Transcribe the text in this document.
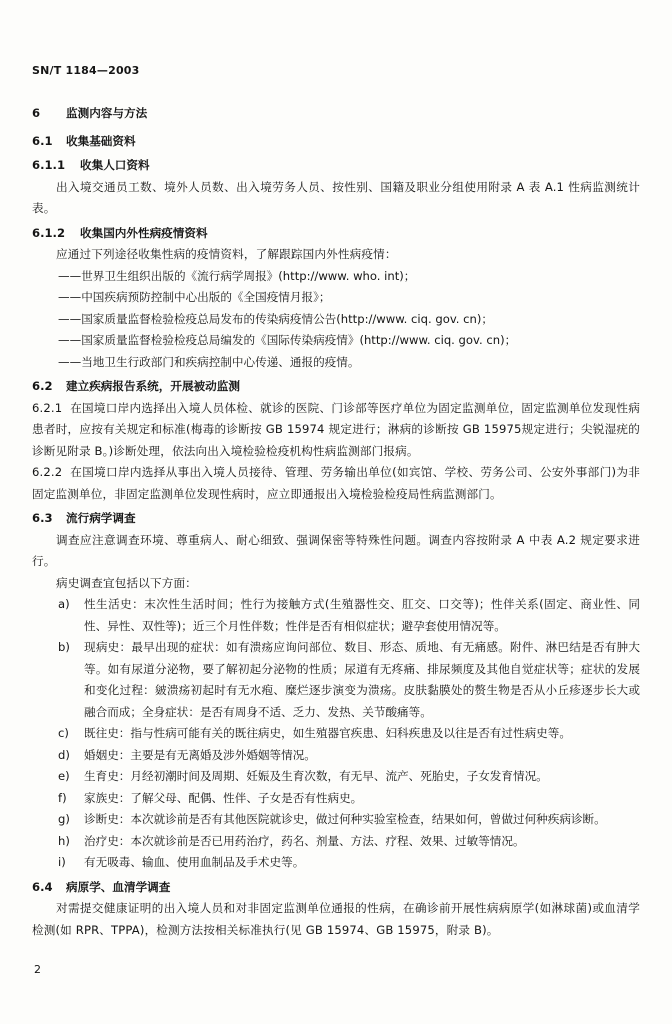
SN/T 1184—2003
6 监测内容与方法
6.1 收集基础资料
6.1.1 收集人口资料
出入境交通员工数、境外人员数、出入境劳务人员、按性别、国籍及职业分组使用附录 A 表 A.1 性病监测统计表。
6.1.2 收集国内外性病疫情资料
应通过下列途径收集性病的疫情资料，了解跟踪国内外性病疫情：
——世界卫生组织出版的《流行病学周报》(http://www. who. int)；
——中国疾病预防控制中心出版的《全国疫情月报》；
——国家质量监督检验检疫总局发布的传染病疫情公告(http://www. ciq. gov. cn)；
——国家质量监督检验检疫总局编发的《国际传染病疫情》(http://www. ciq. gov. cn)；
——当地卫生行政部门和疾病控制中心传递、通报的疫情。
6.2 建立疾病报告系统，开展被动监测
6.2.1 在国境口岸内选择出入境人员体检、就诊的医院、门诊部等医疗单位为固定监测单位，固定监测单位发现性病患者时，应按有关规定和标准(梅毒的诊断按 GB 15974 规定进行；淋病的诊断按 GB 15975规定进行；尖锐湿疣的诊断见附录 B。)诊断处理，依法向出入境检验检疫机构性病监测部门报病。
6.2.2 在国境口岸内选择从事出入境人员接待、管理、劳务输出单位(如宾馆、学校、劳务公司、公安外事部门)为非固定监测单位，非固定监测单位发现性病时，应立即通报出入境检验检疫局性病监测部门。
6.3 流行病学调查
调查应注意调查环境、尊重病人、耐心细致、强调保密等特殊性问题。调查内容按附录 A 中表 A.2 规定要求进行。
病史调查宜包括以下方面：
a)	性生活史：末次性生活时间；性行为接触方式(生殖器性交、肛交、口交等)；性伴关系(固定、商业性、同性、异性、双性等)；近三个月性伴数；性伴是否有相似症状；避孕套使用情况等。
b)	现病史：最早出现的症状：如有溃疡应询问部位、数目、形态、质地、有无痛感。附件、淋巴结是否有肿大等。如有尿道分泌物，要了解初起分泌物的性质；尿道有无疼痛、排尿频度及其他自觉症状等；症状的发展和变化过程：皴溃疡初起时有无水疱、糜烂逐步演变为溃疡。皮肤黏膜处的赘生物是否从小丘疹逐步长大或融合而成；全身症状：是否有周身不适、乏力、发热、关节酸痛等。
c)	既往史：指与性病可能有关的既往病史，如生殖器官疾患、妇科疾患及以往是否有过性病史等。
d)	婚姻史：主要是有无离婚及涉外婚姻等情况。
e)	生育史：月经初潮时间及周期、妊娠及生育次数，有无早、流产、死胎史，子女发育情况。
f)	家族史：了解父母、配偶、性伴、子女是否有性病史。
g)	诊断史：本次就诊前是否有其他医院就诊史，做过何种实验室检查，结果如何，曾做过何种疾病诊断。
h)	治疗史：本次就诊前是否已用药治疗，药名、剂量、方法、疗程、效果、过敏等情况。
i)	有无吸毒、输血、使用血制品及手术史等。
6.4 病原学、血清学调查
对需提交健康证明的出入境人员和对非固定监测单位通报的性病，在确诊前开展性病病原学(如淋球菌)或血清学检测(如 RPR、TPPA)，检测方法按相关标准执行(见 GB 15974、GB 15975，附录 B)。
2
